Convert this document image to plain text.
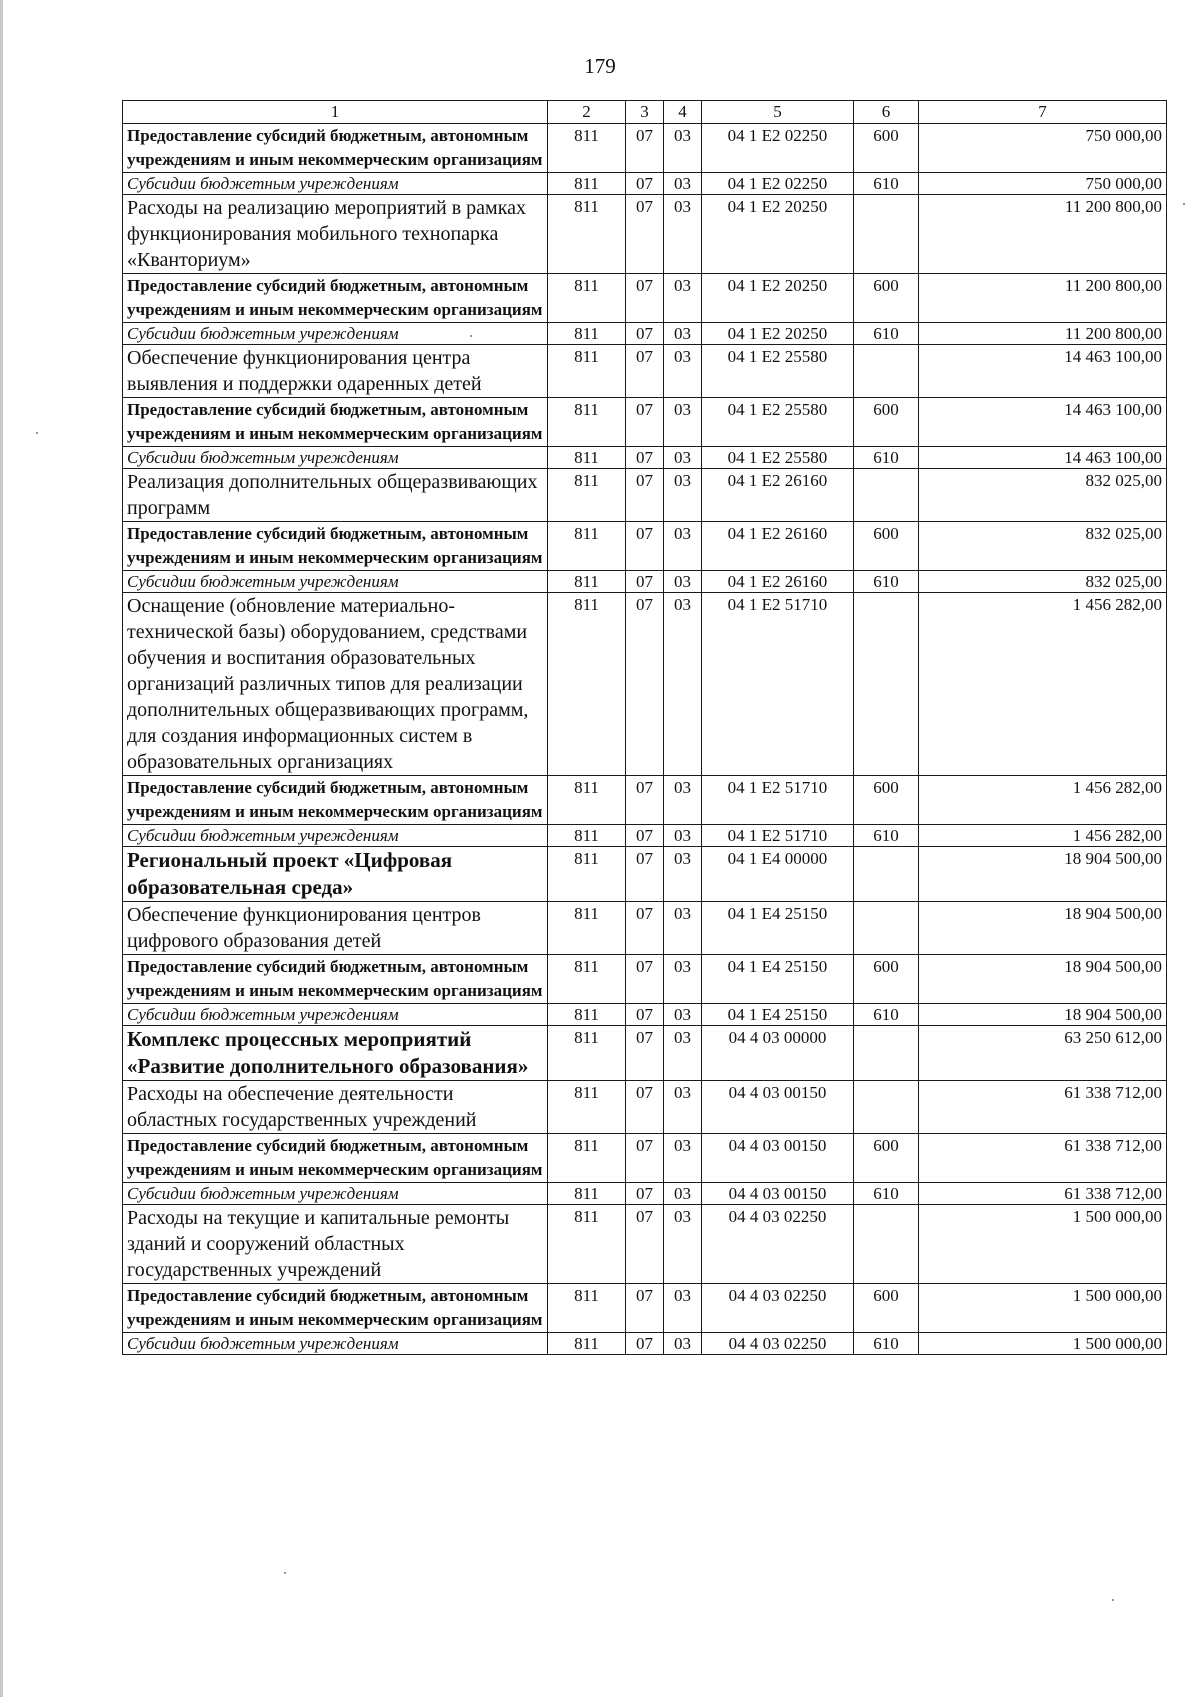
179
1	2	3	4	5	6	7
Предоставление субсидий бюджетным, автономным учреждениям и иным некоммерческим организациям	811	07	03	04 1 E2 02250	600	750 000,00
Субсидии бюджетным учреждениям	811	07	03	04 1 E2 02250	610	750 000,00
Расходы на реализацию мероприятий в рамках функционирования мобильного технопарка «Кванториум»	811	07	03	04 1 E2 20250		11 200 800,00
Предоставление субсидий бюджетным, автономным учреждениям и иным некоммерческим организациям	811	07	03	04 1 E2 20250	600	11 200 800,00
Субсидии бюджетным учреждениям	811	07	03	04 1 E2 20250	610	11 200 800,00
Обеспечение функционирования центра выявления и поддержки одаренных детей	811	07	03	04 1 E2 25580		14 463 100,00
Предоставление субсидий бюджетным, автономным учреждениям и иным некоммерческим организациям	811	07	03	04 1 E2 25580	600	14 463 100,00
Субсидии бюджетным учреждениям	811	07	03	04 1 E2 25580	610	14 463 100,00
Реализация дополнительных общеразвивающих программ	811	07	03	04 1 E2 26160		832 025,00
Предоставление субсидий бюджетным, автономным учреждениям и иным некоммерческим организациям	811	07	03	04 1 E2 26160	600	832 025,00
Субсидии бюджетным учреждениям	811	07	03	04 1 E2 26160	610	832 025,00
Оснащение (обновление материально-технической базы) оборудованием, средствами обучения и воспитания образовательных организаций различных типов для реализации дополнительных общеразвивающих программ, для создания информационных систем в образовательных организациях	811	07	03	04 1 E2 51710		1 456 282,00
Предоставление субсидий бюджетным, автономным учреждениям и иным некоммерческим организациям	811	07	03	04 1 E2 51710	600	1 456 282,00
Субсидии бюджетным учреждениям	811	07	03	04 1 E2 51710	610	1 456 282,00
Региональный проект «Цифровая образовательная среда»	811	07	03	04 1 E4 00000		18 904 500,00
Обеспечение функционирования центров цифрового образования детей	811	07	03	04 1 E4 25150		18 904 500,00
Предоставление субсидий бюджетным, автономным учреждениям и иным некоммерческим организациям	811	07	03	04 1 E4 25150	600	18 904 500,00
Субсидии бюджетным учреждениям	811	07	03	04 1 E4 25150	610	18 904 500,00
Комплекс процессных мероприятий «Развитие дополнительного образования»	811	07	03	04 4 03 00000		63 250 612,00
Расходы на обеспечение деятельности областных государственных учреждений	811	07	03	04 4 03 00150		61 338 712,00
Предоставление субсидий бюджетным, автономным учреждениям и иным некоммерческим организациям	811	07	03	04 4 03 00150	600	61 338 712,00
Субсидии бюджетным учреждениям	811	07	03	04 4 03 00150	610	61 338 712,00
Расходы на текущие и капитальные ремонты зданий и сооружений областных государственных учреждений	811	07	03	04 4 03 02250		1 500 000,00
Предоставление субсидий бюджетным, автономным учреждениям и иным некоммерческим организациям	811	07	03	04 4 03 02250	600	1 500 000,00
Субсидии бюджетным учреждениям	811	07	03	04 4 03 02250	610	1 500 000,00
